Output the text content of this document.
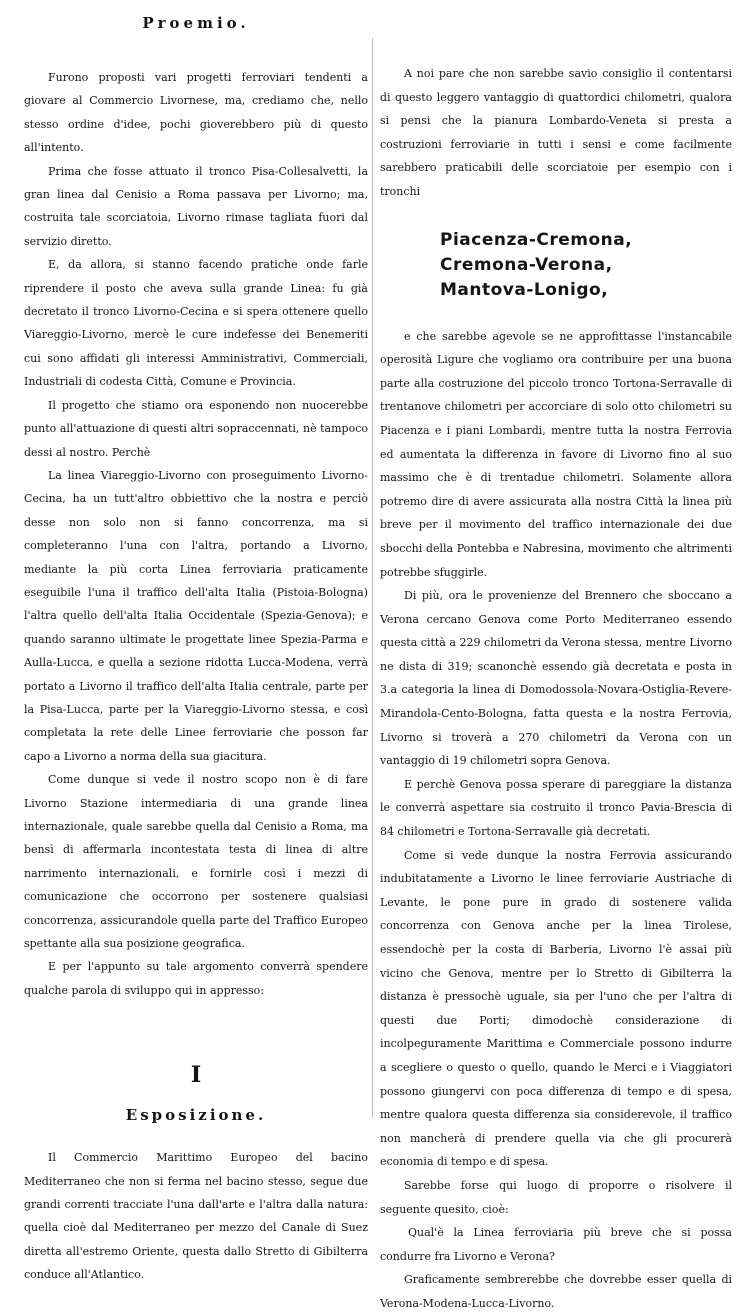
Proemio.

Furono proposti vari progetti ferroviari tendenti a giovare al Commercio Livornese, ma, crediamo che, nello stesso ordine d'idee, pochi gioverebbero più di questo all'intento.

Prima che fosse attuato il tronco Pisa-Collesalvetti, la gran linea dal Cenisio a Roma passava per Livorno; ma, costruita tale scorciatoia, Livorno rimase tagliata fuori dal servizio diretto.

E, da allora, si stanno facendo pratiche onde farle riprendere il posto che aveva sulla grande Linea: fu già decretato il tronco Livorno-Cecina e si spera ottenere quello Viareggio-Livorno, mercè le cure indefesse dei Benemeriti cui sono affidati gli interessi Amministrativi, Commerciali, Industriali di codesta Città, Comune e Provincia.

Il progetto che stiamo ora esponendo non nuocerebbe punto all'attuazione di questi altri sopraccennati, nè tampoco dessi al nostro. Perchè

La linea Viareggio-Livorno con proseguimento Livorno-Cecina, ha un tutt'altro obbiettivo che la nostra e perciò desse non solo non si fanno concorrenza, ma si completeranno l'una con l'altra, portando a Livorno, mediante la più corta Linea ferroviaria praticamente eseguibile l'una il traffico dell'alta Italia (Pistoia-Bologna) l'altra quello dell'alta Italia Occidentale (Spezia-Genova); e quando saranno ultimate le progettate linee Spezia-Parma e Aulla-Lucca, e quella a sezione ridotta Lucca-Modena, verrà portato a Livorno il traffico dell'alta Italia centrale, parte per la Pisa-Lucca, parte per la Viareggio-Livorno stessa, e così completata la rete delle Linee ferroviarie che posson far capo a Livorno a norma della sua giacitura.

Come dunque si vede il nostro scopo non è di fare Livorno Stazione intermediaria di una grande linea internazionale, quale sarebbe quella dal Cenisio a Roma, ma bensì di affermarla incontestata testa di linea di altre narrimento internazionali, e fornirle così i mezzi di comunicazione che occorrono per sostenere qualsiasi concorrenza, assicurandole quella parte del Traffico Europeo spettante alla sua posizione geografica.

E per l'appunto su tale argomento converrà spendere qualche parola di sviluppo qui in appresso:

I
Esposizione.

Il Commercio Marittimo Europeo del bacino Mediterraneo che non si ferma nel bacino stesso, segue due grandi correnti tracciate l'una dall'arte e l'altra dalla natura: quella cioè dal Mediterraneo per mezzo del Canale di Suez diretta all'estremo Oriente, questa dallo Stretto di Gibilterra conduce all'Atlantico.

A noi pare che non sarebbe savio consiglio il contentarsi di questo leggero vantaggio di quattordici chilometri, qualora si pensi che la pianura Lombardo-Veneta si presta a costruzioni ferroviarie in tutti i sensi e come facilmente sarebbero praticabili delle scorciatoie per esempio con i tronchi

Piacenza-Cremona,
Cremona-Verona,
Mantova-Lonigo,

e che sarebbe agevole se ne approfittasse l'instancabile operosità Ligure che vogliamo ora contribuire per una buona parte alla costruzione del piccolo tronco Tortona-Serravalle di trentanove chilometri per accorciare di solo otto chilometri su Piacenza e i piani Lombardi, mentre tutta la nostra Ferrovia ed aumentata la differenza in favore di Livorno fino al suo massimo che è di trentadue chilometri. Solamente allora potremo dire di avere assicurata alla nostra Città la linea più breve per il movimento del traffico internazionale dei due sbocchi della Pontebba e Nabresina, movimento che altrimenti potrebbe sfuggirle.

Di più, ora le provenienze del Brennero che sboccano a Verona cercano Genova come Porto Mediterraneo essendo questa città a 229 chilometri da Verona stessa, mentre Livorno ne dista di 319; scanonchè essendo già decretata e posta in 3.a categoria la linea di Domodossola-Novara-Ostiglia-Revere-Mirandola-Cento-Bologna, fatta questa e la nostra Ferrovia, Livorno si troverà a 270 chilometri da Verona con un vantaggio di 19 chilometri sopra Genova.

E perchè Genova possa sperare di pareggiare la distanza le converrà aspettare sia costruito il tronco Pavia-Brescia di 84 chilometri e Tortona-Serravalle già decretati.

Come si vede dunque la nostra Ferrovia assicurando indubitatamente a Livorno le linee ferroviarie Austriache di Levante, le pone pure in grado di sostenere valida concorrenza con Genova anche per la linea Tirolese, essendochè per la costa di Barberia, Livorno l'è assai più vicino che Genova, mentre per lo Stretto di Gibilterra la distanza è pressochè uguale, sia per l'uno che per l'altra di questi due Porti; dimodochè considerazione di incolpeguramente Marittima e Commerciale possono indurre a scegliere o questo o quello, quando le Merci e i Viaggiatori possono giungervi con poca differenza di tempo e di spesa, mentre qualora questa differenza sia considerevole, il traffico non mancherà di prendere quella via che gli procurerà economia di tempo e di spesa.

Sarebbe forse qui luogo di proporre o risolvere il seguente quesito, cioè:

Qual'è la Linea ferroviaria più breve che si possa condurre fra Livorno e Verona?

Graficamente sembrerebbe che dovrebbe esser quella di Verona-Modena-Lucca-Livorno.
